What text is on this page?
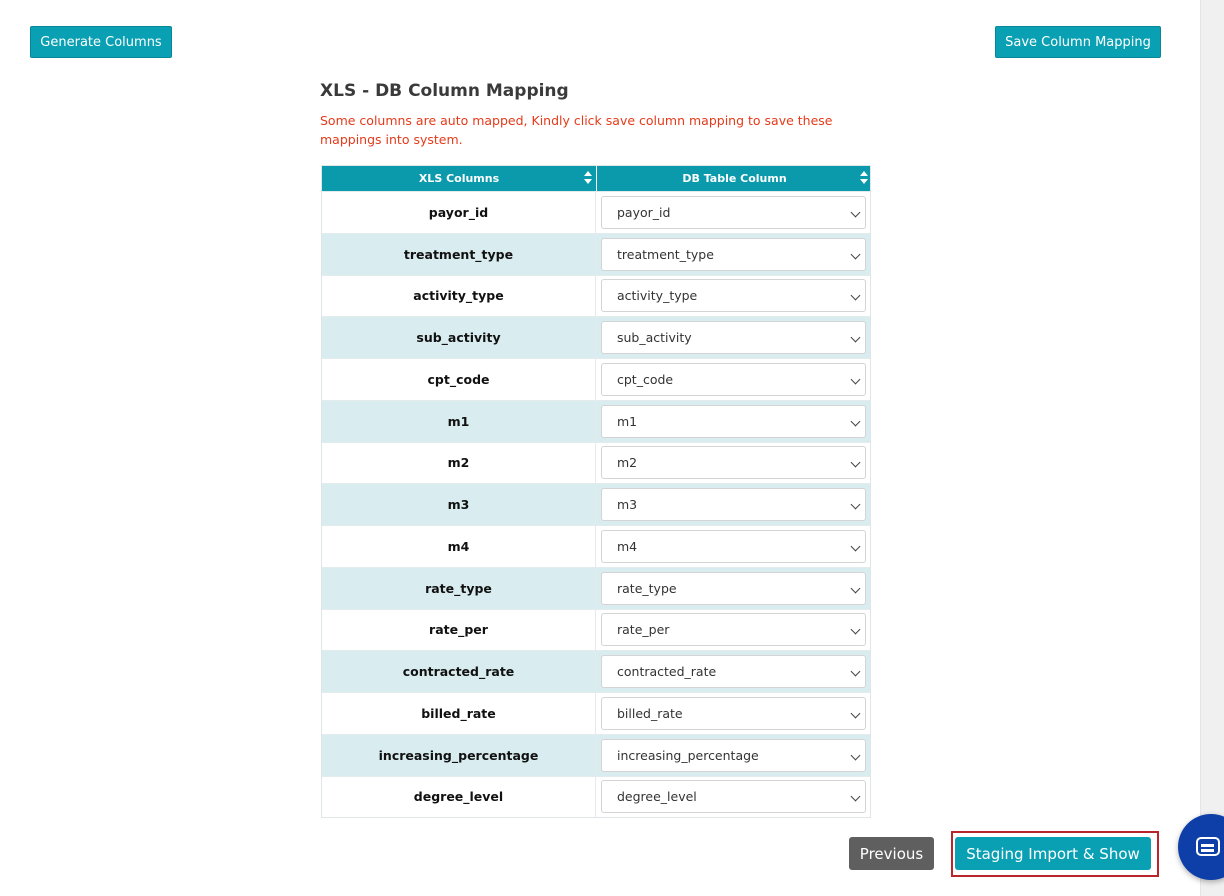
Generate Columns	Save Column Mapping
XLS - DB Column Mapping
Some columns are auto mapped, Kindly click save column mapping to save these mappings into system.
XLS Columns	DB Table Column
payor_id	payor_id
treatment_type	treatment_type
activity_type	activity_type
sub_activity	sub_activity
cpt_code	cpt_code
m1	m1
m2	m2
m3	m3
m4	m4
rate_type	rate_type
rate_per	rate_per
contracted_rate	contracted_rate
billed_rate	billed_rate
increasing_percentage	increasing_percentage
degree_level	degree_level
Previous	Staging Import & Show
